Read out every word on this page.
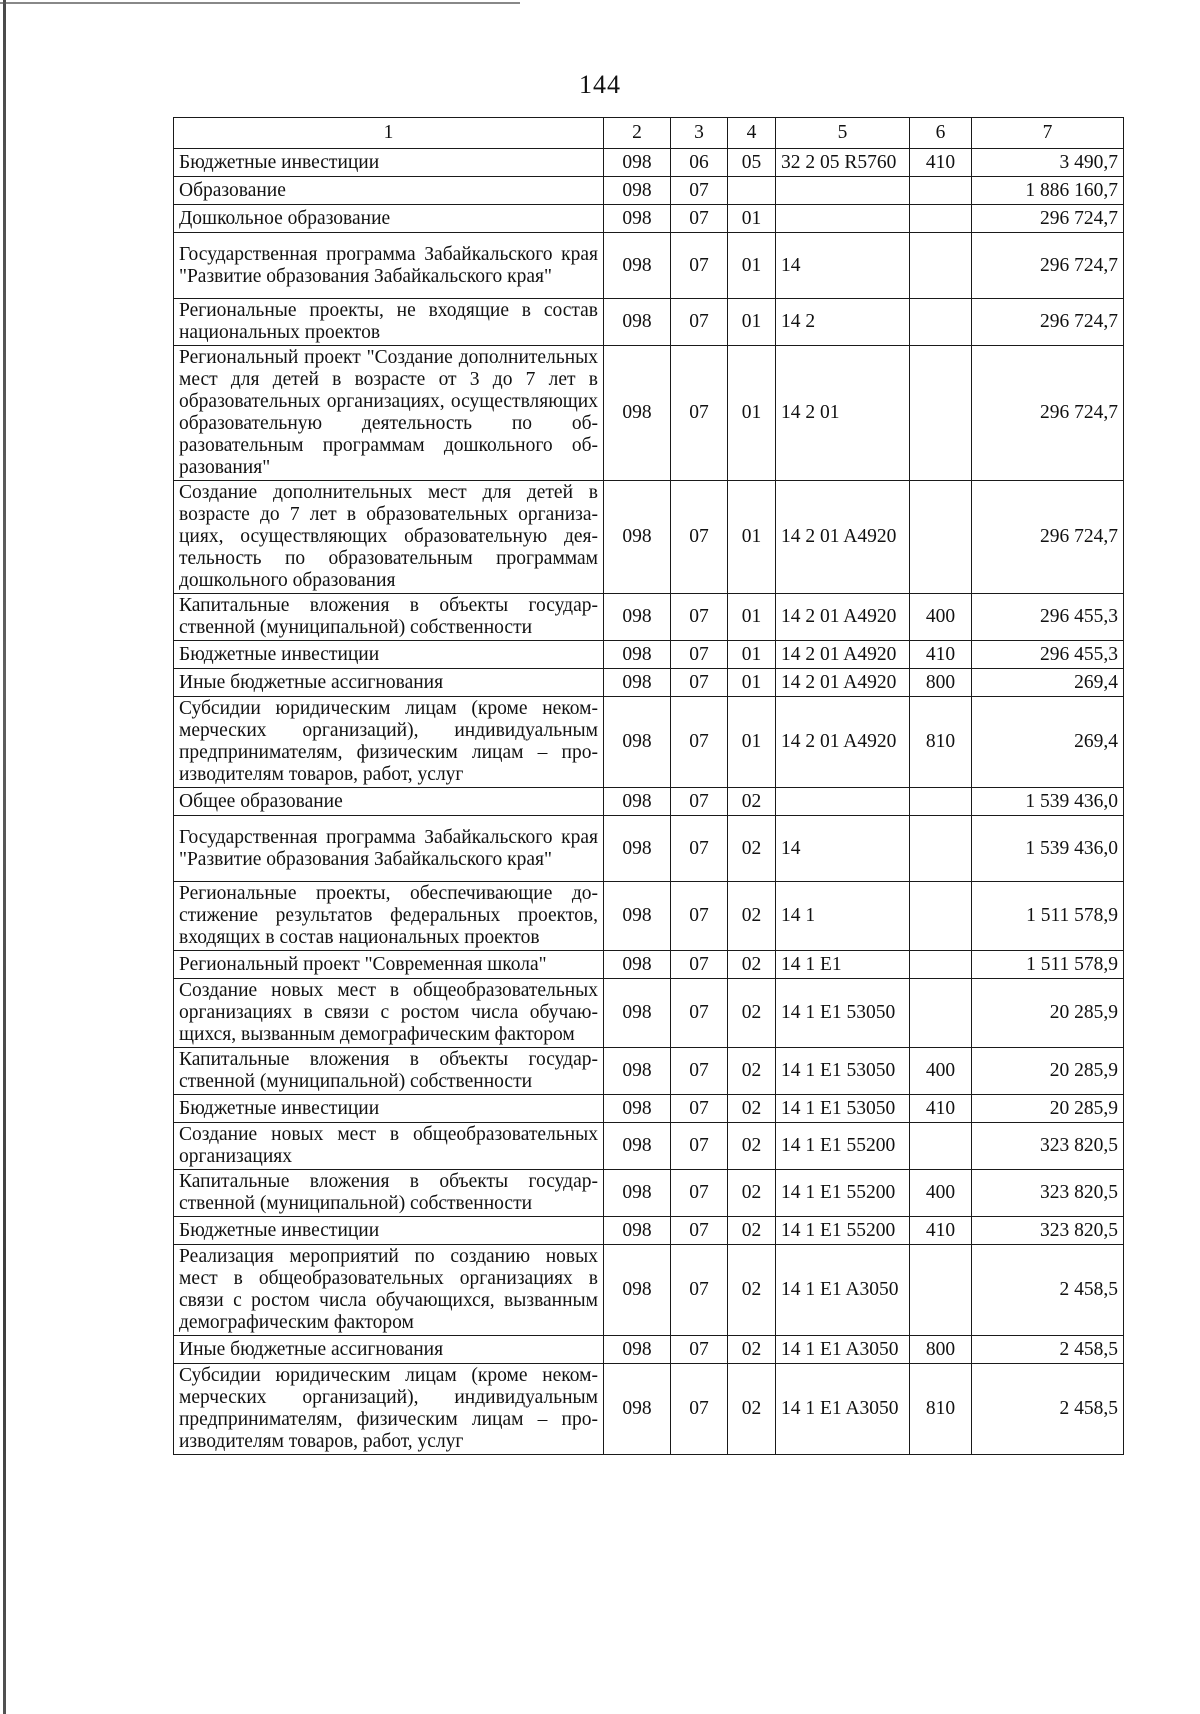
144
1	2	3	4	5	6	7
Бюджетные инвестиции	098	06	05	32 2 05 R5760	410	3 490,7
Образование	098	07				1 886 160,7
Дошкольное образование	098	07	01			296 724,7
Государственная программа Забайкальского края "Развитие образования Забайкальского края"	098	07	01	14		296 724,7
Региональные проекты, не входящие в состав национальных проектов	098	07	01	14 2		296 724,7
Региональный проект "Создание дополнительных мест для детей в возрасте от 3 до 7 лет в образовательных организациях, осуществляющих образовательную деятельность по образовательным программам дошкольного образования"	098	07	01	14 2 01		296 724,7
Создание дополнительных мест для детей в возрасте до 7 лет в образовательных организациях, осуществляющих образовательную деятельность по образовательным программам дошкольного образования	098	07	01	14 2 01 A4920		296 724,7
Капитальные вложения в объекты государственной (муниципальной) собственности	098	07	01	14 2 01 A4920	400	296 455,3
Бюджетные инвестиции	098	07	01	14 2 01 A4920	410	296 455,3
Иные бюджетные ассигнования	098	07	01	14 2 01 A4920	800	269,4
Субсидии юридическим лицам (кроме некоммерческих организаций), индивидуальным предпринимателям, физическим лицам – производителям товаров, работ, услуг	098	07	01	14 2 01 A4920	810	269,4
Общее образование	098	07	02			1 539 436,0
Государственная программа Забайкальского края "Развитие образования Забайкальского края"	098	07	02	14		1 539 436,0
Региональные проекты, обеспечивающие достижение результатов федеральных проектов, входящих в состав национальных проектов	098	07	02	14 1		1 511 578,9
Региональный проект "Современная школа"	098	07	02	14 1 E1		1 511 578,9
Создание новых мест в общеобразовательных организациях в связи с ростом числа обучающихся, вызванным демографическим фактором	098	07	02	14 1 E1 53050		20 285,9
Капитальные вложения в объекты государственной (муниципальной) собственности	098	07	02	14 1 E1 53050	400	20 285,9
Бюджетные инвестиции	098	07	02	14 1 E1 53050	410	20 285,9
Создание новых мест в общеобразовательных организациях	098	07	02	14 1 E1 55200		323 820,5
Капитальные вложения в объекты государственной (муниципальной) собственности	098	07	02	14 1 E1 55200	400	323 820,5
Бюджетные инвестиции	098	07	02	14 1 E1 55200	410	323 820,5
Реализация мероприятий по созданию новых мест в общеобразовательных организациях в связи с ростом числа обучающихся, вызванным демографическим фактором	098	07	02	14 1 E1 A3050		2 458,5
Иные бюджетные ассигнования	098	07	02	14 1 E1 A3050	800	2 458,5
Субсидии юридическим лицам (кроме некоммерческих организаций), индивидуальным предпринимателям, физическим лицам – производителям товаров, работ, услуг	098	07	02	14 1 E1 A3050	810	2 458,5
